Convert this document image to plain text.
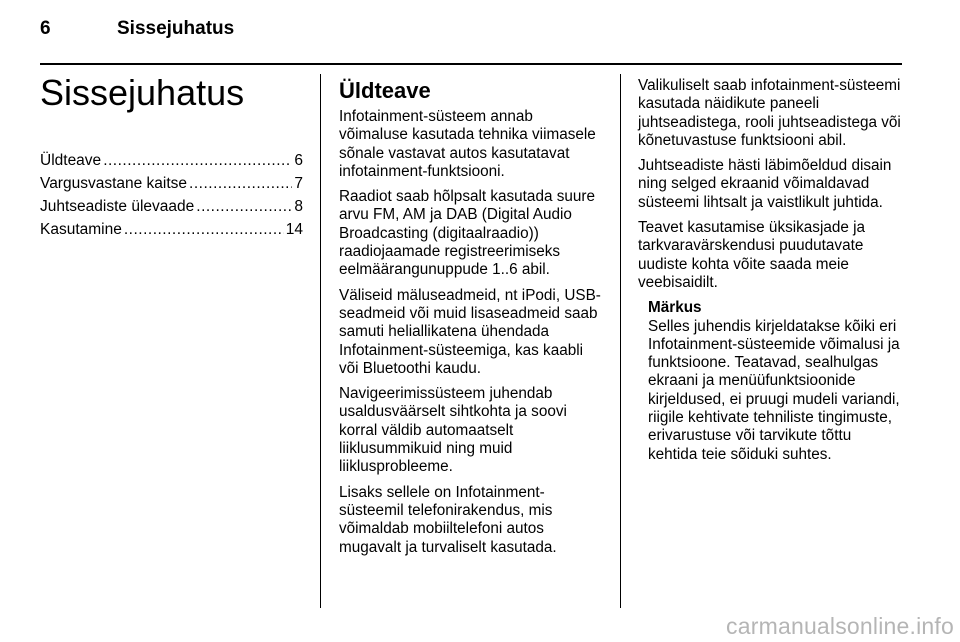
6	Sissejuhatus
Sissejuhatus
Üldteave .....	6
Vargusvastane kaitse .....	7
Juhtseadiste ülevaade .....	8
Kasutamine .....	14
Üldteave

Infotainment-süsteem annab võimaluse kasutada tehnika viimasele sõnale vastavat autos kasutatavat infotainment-funktsiooni.

Raadiot saab hõlpsalt kasutada suure arvu FM, AM ja DAB (Digital Audio Broadcasting (digitaalraadio)) raadiojaamade registreerimiseks eelmäärangunuppude 1..6 abil.

Väliseid mäluseadmeid, nt iPodi, USB-seadmeid või muid lisaseadmeid saab samuti heliallikatena ühendada Infotainment-süsteemiga, kas kaabli või Bluetoothi kaudu.

Navigeerimissüsteem juhendab usaldusväärselt sihtkohta ja soovi korral väldib automaatselt liiklusummikuid ning muid liiklusprobleeme.

Lisaks sellele on Infotainment-süsteemil telefonirakendus, mis võimaldab mobiiltelefoni autos mugavalt ja turvaliselt kasutada.

Valikuliselt saab infotainment-süsteemi kasutada näidikute paneeli juhtseadistega, rooli juhtseadistega või kõnetuvastuse funktsiooni abil.

Juhtseadiste hästi läbimõeldud disain ning selged ekraanid võimaldavad süsteemi lihtsalt ja vaistlikult juhtida.

Teavet kasutamise üksikasjade ja tarkvaravärskendusi puudutavate uudiste kohta võite saada meie veebisaidilt.

Märkus
Selles juhendis kirjeldatakse kõiki eri Infotainment-süsteemide võimalusi ja funktsioone. Teatavad, sealhulgas ekraani ja menüüfunktsioonide kirjeldused, ei pruugi mudeli variandi, riigile kehtivate tehniliste tingimuste, erivarustuse või tarvikute tõttu kehtida teie sõiduki suhtes.
carmanualsonline.info
